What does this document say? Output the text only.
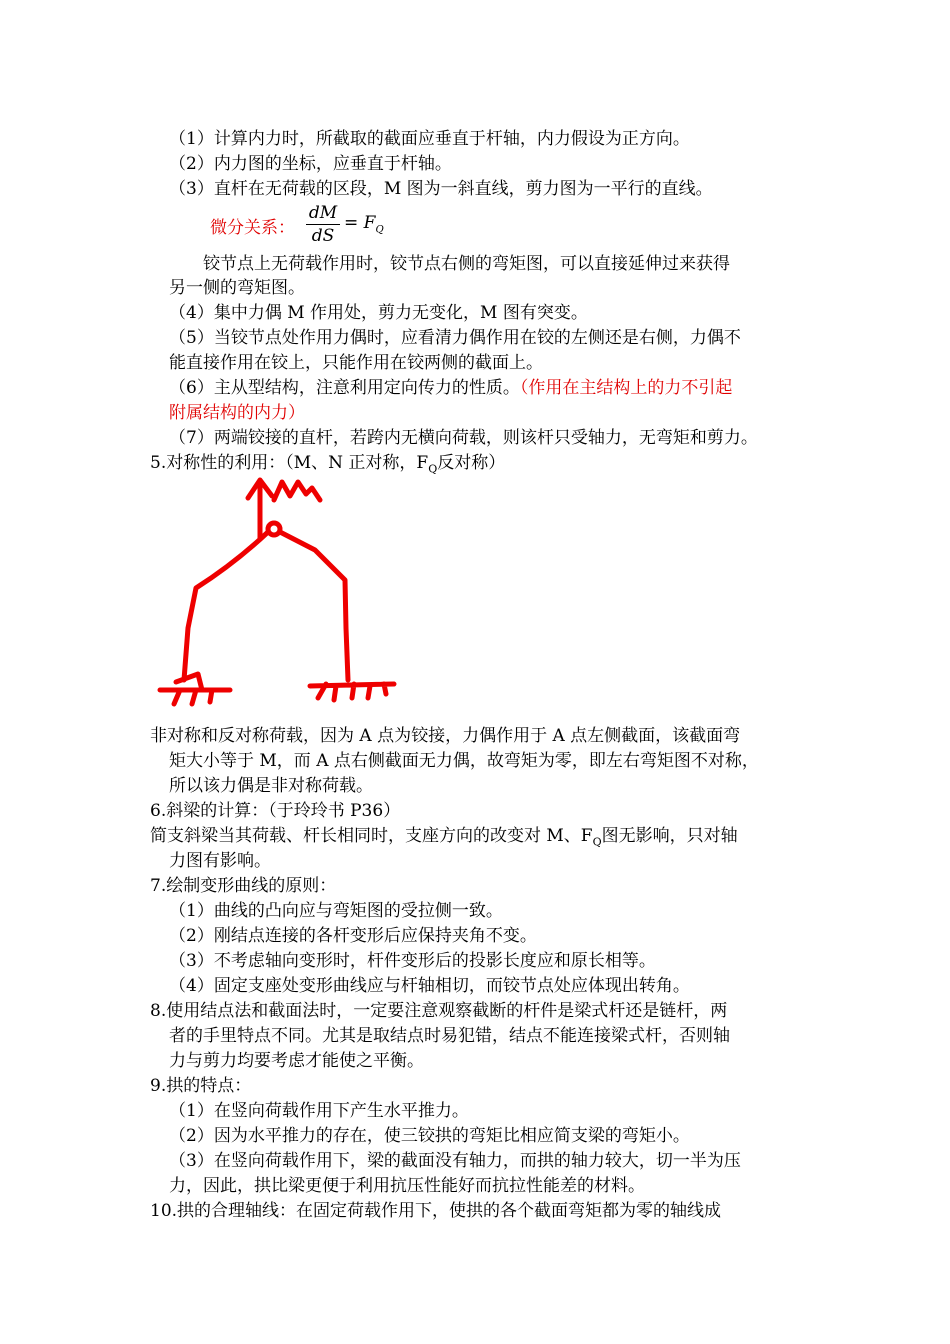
（1）计算内力时，所截取的截面应垂直于杆轴，内力假设为正方向。
（2）内力图的坐标，应垂直于杆轴。
（3）直杆在无荷载的区段，M 图为一斜直线，剪力图为一平行的直线。
微分关系：
dM
dS
= $F_Q$
铰节点上无荷载作用时，铰节点右侧的弯矩图，可以直接延伸过来获得
另一侧的弯矩图。
（4）集中力偶 M 作用处，剪力无变化，M 图有突变。
（5）当铰节点处作用力偶时，应看清力偶作用在铰的左侧还是右侧，力偶不
能直接作用在铰上，只能作用在铰两侧的截面上。
（6）主从型结构，注意利用定向传力的性质。（作用在主结构上的力不引起
附属结构的内力）
（7）两端铰接的直杆，若跨内无横向荷载，则该杆只受轴力，无弯矩和剪力。
5.对称性的利用：（M、N 正对称，$F_Q$反对称）
非对称和反对称荷载，因为 A 点为铰接，力偶作用于 A 点左侧截面，该截面弯
矩大小等于 M，而 A 点右侧截面无力偶，故弯矩为零，即左右弯矩图不对称，
所以该力偶是非对称荷载。
6.斜梁的计算：（于玲玲书 P36）
简支斜梁当其荷载、杆长相同时，支座方向的改变对 M、$F_Q$图无影响，只对轴
力图有影响。
7.绘制变形曲线的原则：
（1）曲线的凸向应与弯矩图的受拉侧一致。
（2）刚结点连接的各杆变形后应保持夹角不变。
（3）不考虑轴向变形时，杆件变形后的投影长度应和原长相等。
（4）固定支座处变形曲线应与杆轴相切，而铰节点处应体现出转角。
8.使用结点法和截面法时，一定要注意观察截断的杆件是梁式杆还是链杆，两
者的手里特点不同。尤其是取结点时易犯错，结点不能连接梁式杆，否则轴
力与剪力均要考虑才能使之平衡。
9.拱的特点：
（1）在竖向荷载作用下产生水平推力。
（2）因为水平推力的存在，使三铰拱的弯矩比相应简支梁的弯矩小。
（3）在竖向荷载作用下，梁的截面没有轴力，而拱的轴力较大，切一半为压
力，因此，拱比梁更便于利用抗压性能好而抗拉性能差的材料。
10.拱的合理轴线：在固定荷载作用下，使拱的各个截面弯矩都为零的轴线成
